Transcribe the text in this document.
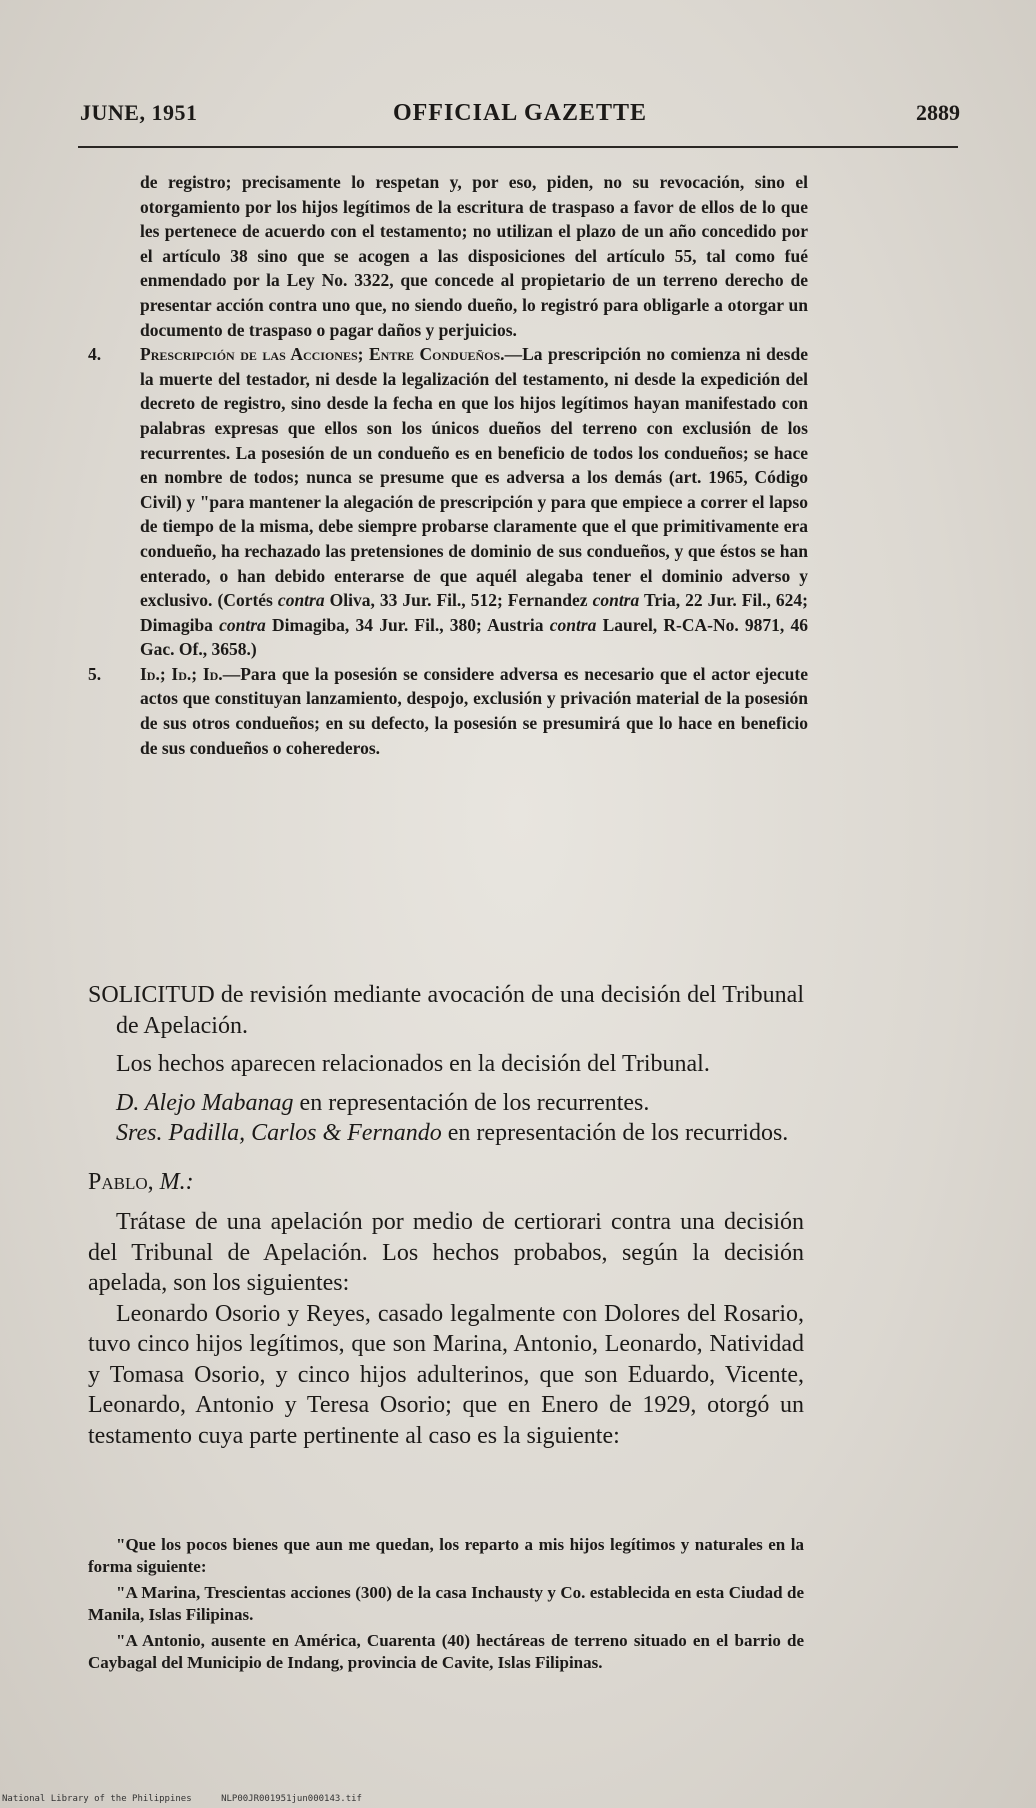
JUNE, 1951	OFFICIAL GAZETTE	2889

de registro; precisamente lo respetan y, por eso, piden, no su revocación, sino el otorgamiento por los hijos legítimos de la escritura de traspaso a favor de ellos de lo que les pertenece de acuerdo con el testamento; no utilizan el plazo de un año concedido por el artículo 38 sino que se acogen a las disposiciones del artículo 55, tal como fué enmendado por la Ley No. 3322, que concede al propietario de un terreno derecho de presentar acción contra uno que, no siendo dueño, lo registró para obligarle a otorgar un documento de traspaso o pagar daños y perjuicios.

4. Prescripción de las Acciones; Entre Condueños.—La prescripción no comienza ni desde la muerte del testador, ni desde la legalización del testamento, ni desde la expedición del decreto de registro, sino desde la fecha en que los hijos legítimos hayan manifestado con palabras expresas que ellos son los únicos dueños del terreno con exclusión de los recurrentes. La posesión de un condueño es en beneficio de todos los condueños; se hace en nombre de todos; nunca se presume que es adversa a los demás (art. 1965, Código Civil) y "para mantener la alegación de prescripción y para que empiece a correr el lapso de tiempo de la misma, debe siempre probarse claramente que el que primitivamente era condueño, ha rechazado las pretensiones de dominio de sus condueños, y que éstos se han enterado, o han debido enterarse de que aquél alegaba tener el dominio adverso y exclusivo. (Cortés contra Oliva, 33 Jur. Fil., 512; Fernandez contra Tria, 22 Jur. Fil., 624; Dimagiba contra Dimagiba, 34 Jur. Fil., 380; Austria contra Laurel, R-CA-No. 9871, 46 Gac. Of., 3658.)

5. Id.; Id.; Id.—Para que la posesión se considere adversa es necesario que el actor ejecute actos que constituyan lanzamiento, despojo, exclusión y privación material de la posesión de sus otros condueños; en su defecto, la posesión se presumirá que lo hace en beneficio de sus condueños o coherederos.

SOLICITUD de revisión mediante avocación de una decisión del Tribunal de Apelación.

Los hechos aparecen relacionados en la decisión del Tribunal.

D. Alejo Mabanag en representación de los recurrentes.

Sres. Padilla, Carlos & Fernando en representación de los recurridos.

Pablo, M.:

Trátase de una apelación por medio de certiorari contra una decisión del Tribunal de Apelación. Los hechos probabos, según la decisión apelada, son los siguientes:

Leonardo Osorio y Reyes, casado legalmente con Dolores del Rosario, tuvo cinco hijos legítimos, que son Marina, Antonio, Leonardo, Natividad y Tomasa Osorio, y cinco hijos adulterinos, que son Eduardo, Vicente, Leonardo, Antonio y Teresa Osorio; que en Enero de 1929, otorgó un testamento cuya parte pertinente al caso es la siguiente:

"Que los pocos bienes que aun me quedan, los reparto a mis hijos legítimos y naturales en la forma siguiente:

"A Marina, Trescientas acciones (300) de la casa Inchausty y Co. establecida en esta Ciudad de Manila, Islas Filipinas.

"A Antonio, ausente en América, Cuarenta (40) hectáreas de terreno situado en el barrio de Caybagal del Municipio de Indang, provincia de Cavite, Islas Filipinas.

National Library of the Philippines	NLP00JR001951jun000143.tif
